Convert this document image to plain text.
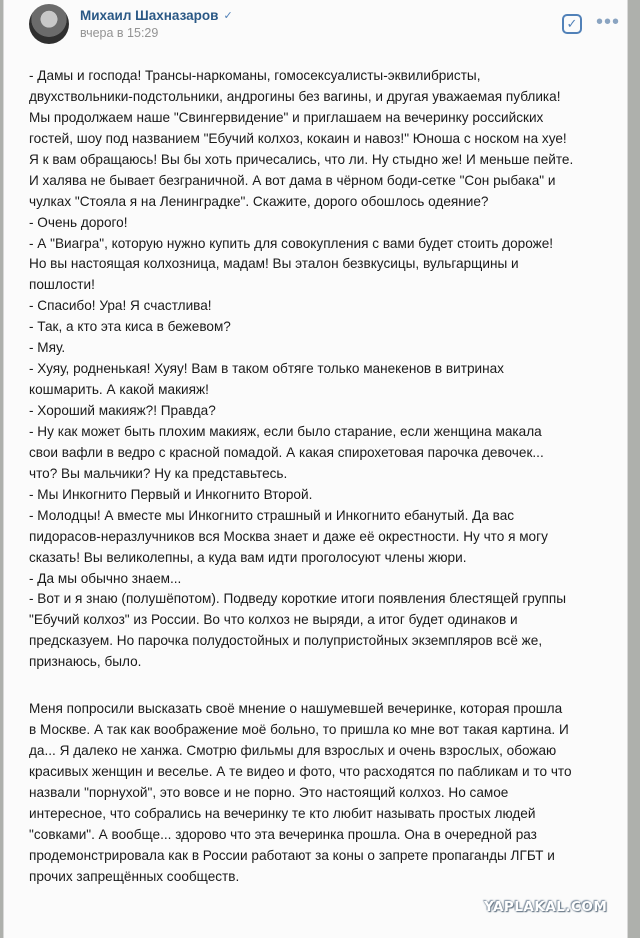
Михаил Шахназаров ✓
вчера в 15:29
✓ •••
- Дамы и господа! Трансы-наркоманы, гомосексуалисты-эквилибристы,
двухствольники-подстольники, андрогины без вагины, и другая уважаемая публика!
Мы продолжаем наше "Свингервидение" и приглашаем на вечеринку российских
гостей, шоу под названием "Ебучий колхоз, кокаин и навоз!" Юноша с носком на хуе!
Я к вам обращаюсь! Вы бы хоть причесались, что ли. Ну стыдно же! И меньше пейте.
И халява не бывает безграничной. А вот дама в чёрном боди-сетке "Сон рыбака" и
чулках "Стояла я на Ленинградке". Скажите, дорого обошлось одеяние?
- Очень дорого!
- А "Виагра", которую нужно купить для совокупления с вами будет стоить дороже!
Но вы настоящая колхозница, мадам! Вы эталон безвкусицы, вульгарщины и
пошлости!
- Спасибо! Ура! Я счастлива!
- Так, а кто эта киса в бежевом?
- Мяу.
- Хуяу, родненькая! Хуяу! Вам в таком обтяге только манекенов в витринах
кошмарить. А какой макияж!
- Хороший макияж?! Правда?
- Ну как может быть плохим макияж, если было старание, если женщина макала
свои вафли в ведро с красной помадой. А какая спирохетовая парочка девочек...
что? Вы мальчики? Ну ка представьтесь.
- Мы Инкогнито Первый и Инкогнито Второй.
- Молодцы! А вместе мы Инкогнито страшный и Инкогнито ебанутый. Да вас
пидорасов-неразлучников вся Москва знает и даже её окрестности. Ну что я могу
сказать! Вы великолепны, а куда вам идти проголосуют члены жюри.
- Да мы обычно знаем...
- Вот и я знаю (полушёпотом). Подведу короткие итоги появления блестящей группы
"Ебучий колхоз" из России. Во что колхоз не выряди, а итог будет одинаков и
предсказуем. Но парочка полудостойных и полупристойных экземпляров всё же,
признаюсь, было.
Меня попросили высказать своё мнение о нашумевшей вечеринке, которая прошла
в Москве. А так как воображение моё больно, то пришла ко мне вот такая картина. И
да... Я далеко не ханжа. Смотрю фильмы для взрослых и очень взрослых, обожаю
красивых женщин и веселье. А те видео и фото, что расходятся по пабликам и то что
назвали "порнухой", это вовсе и не порно. Это настоящий колхоз. Но самое
интересное, что собрались на вечеринку те кто любит называть простых людей
"совками". А вообще... здорово что эта вечеринка прошла. Она в очередной раз
продемонстрировала как в России работают за коны о запрете пропаганды ЛГБТ и
прочих запрещённых сообществ.
YAPLAKAL.COM
